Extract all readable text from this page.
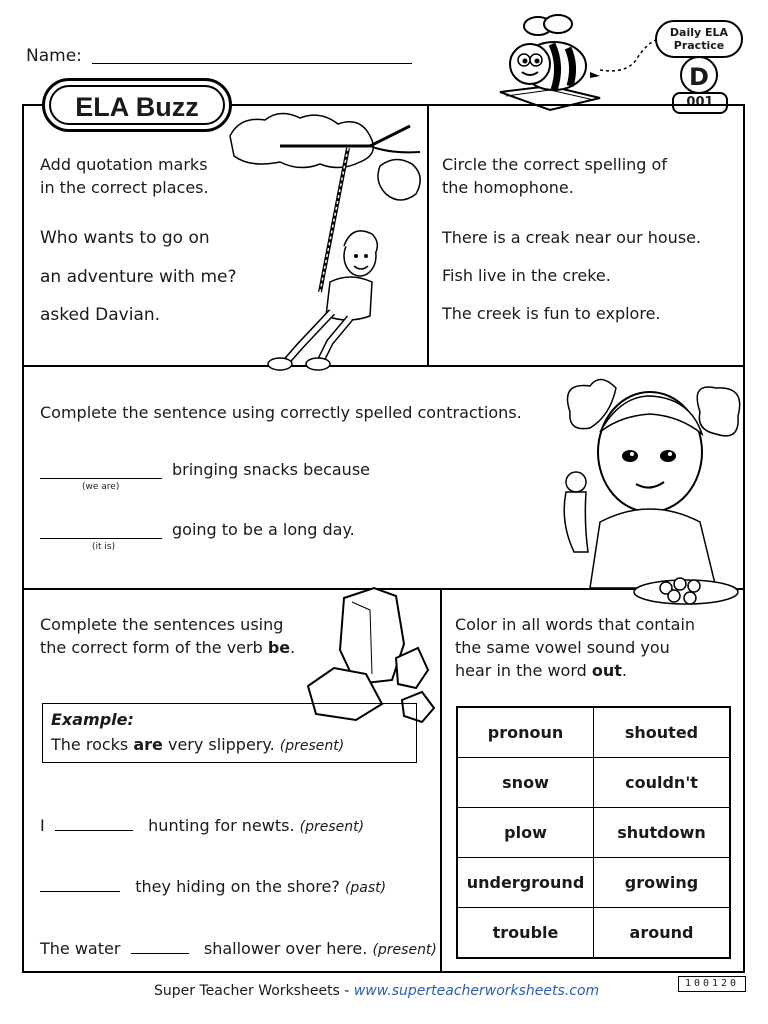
Name:
Daily ELA
Practice
D
001
ELA Buzz
Add quotation marks
in the correct places.
Who wants to go on
an adventure with me?
asked Davian.
Circle the correct spelling of
the homophone.
There is a creak near our house.
Fish live in the creke.
The creek is fun to explore.
Complete the sentence using correctly spelled contractions.
bringing snacks because
(we are)
going to be a long day.
(it is)
Complete the sentences using
the correct form of the verb be.
Example:
The rocks are very slippery. (present)
I	hunting for newts. (present)
they hiding on the shore? (past)
The water	shallower over here. (present)
Color in all words that contain
the same vowel sound you
hear in the word out.
pronoun	shouted
snow	couldn't
plow	shutdown
underground	growing
trouble	around
Super Teacher Worksheets - www.superteacherworksheets.com	100120
